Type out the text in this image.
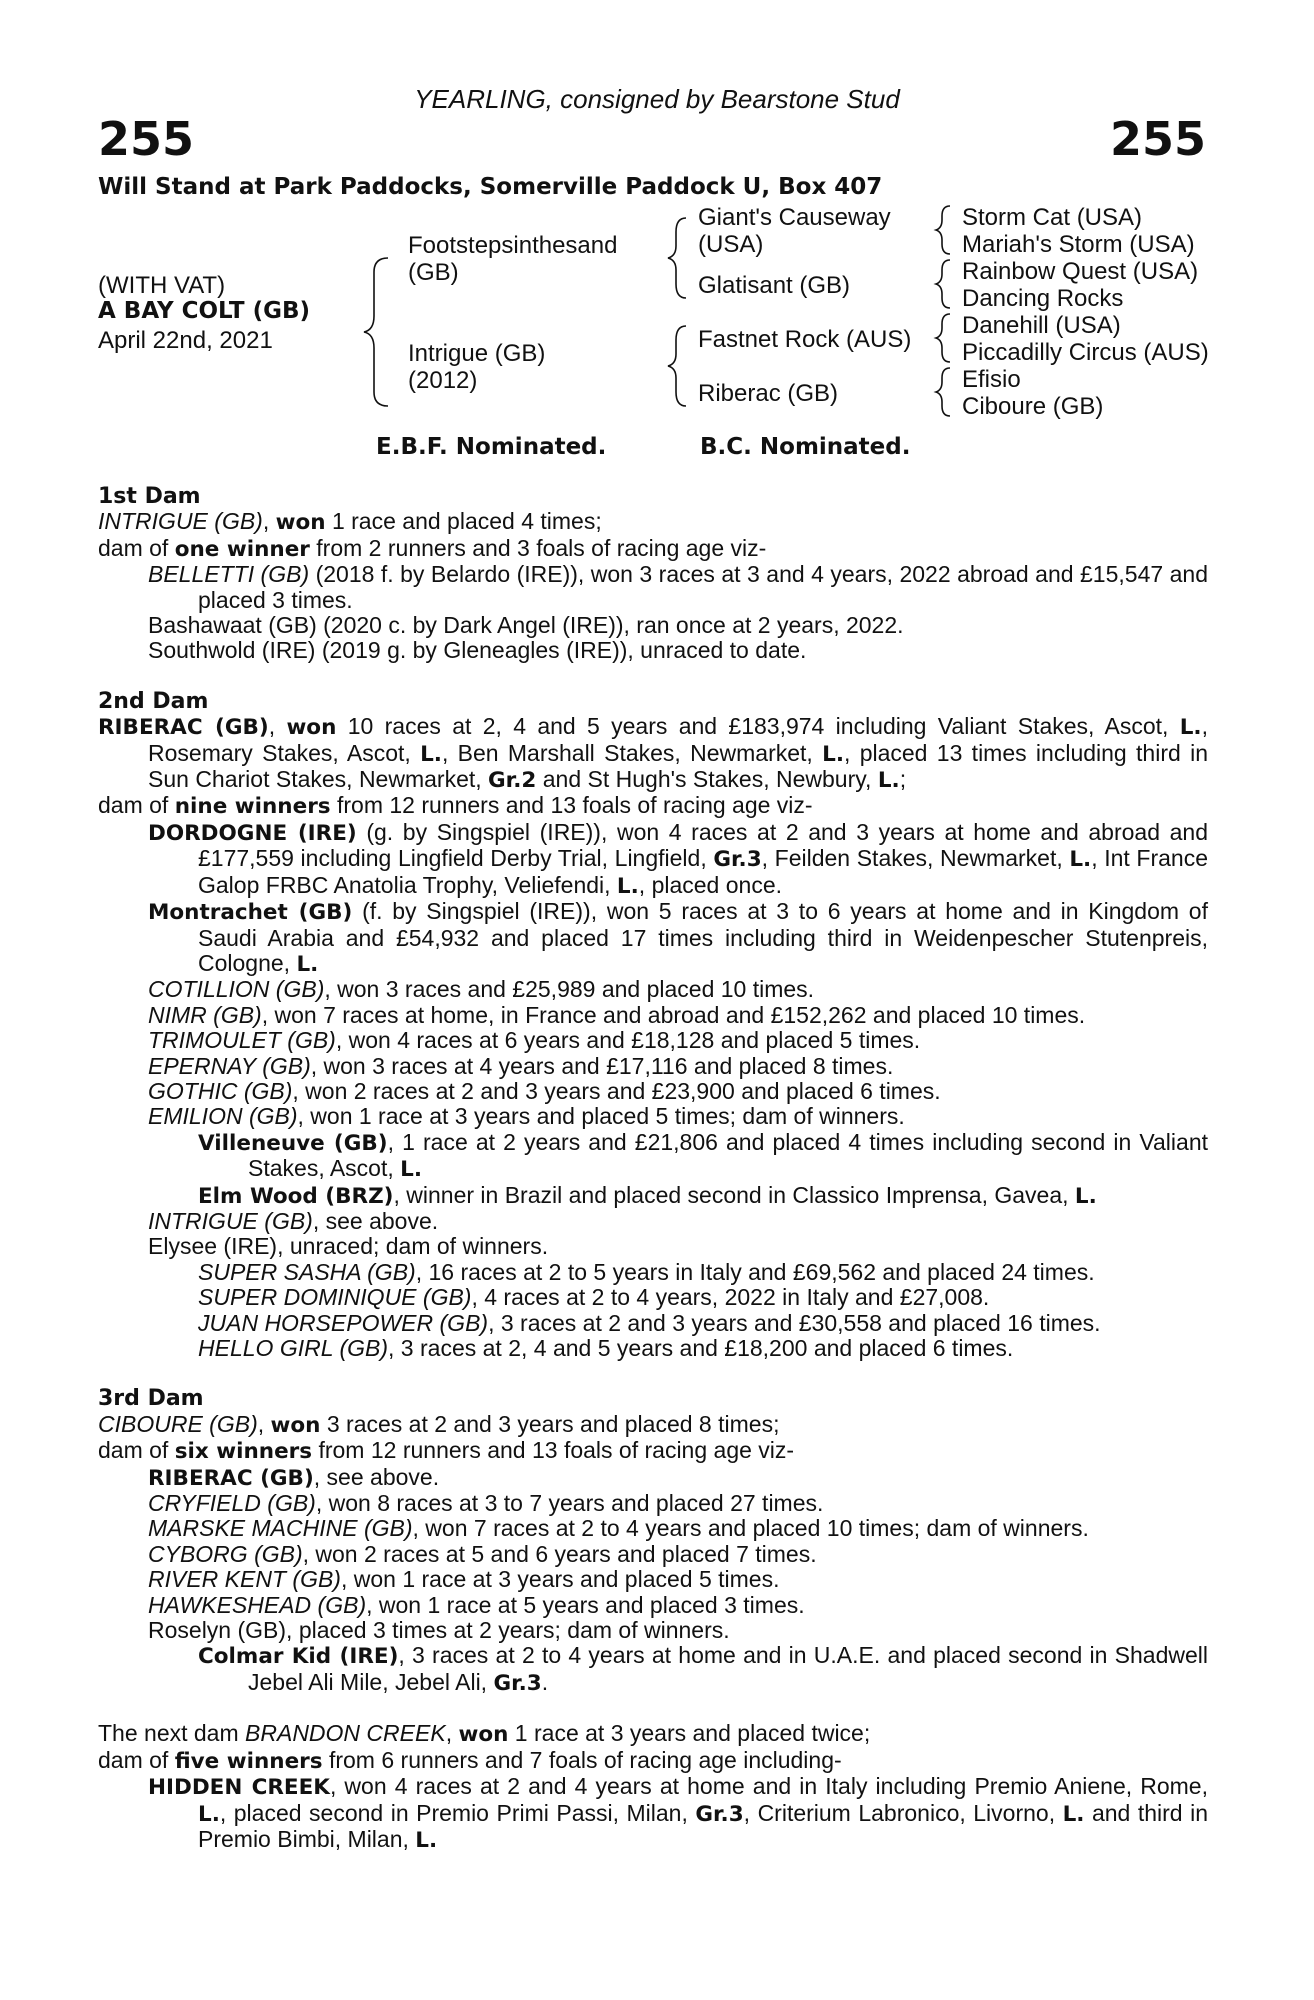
YEARLING, consigned by Bearstone Stud
255	255
Will Stand at Park Paddocks, Somerville Paddock U, Box 407
(WITH VAT)
A BAY COLT (GB)
April 22nd, 2021
Footstepsinthesand
(GB)
Intrigue (GB)
(2012)
Giant's Causeway
(USA)
Glatisant (GB)
Fastnet Rock (AUS)
Riberac (GB)
Storm Cat (USA)
Mariah's Storm (USA)
Rainbow Quest (USA)
Dancing Rocks
Danehill (USA)
Piccadilly Circus (AUS)
Efisio
Ciboure (GB)
E.B.F. Nominated.	B.C. Nominated.
1st Dam
INTRIGUE (GB), won 1 race and placed 4 times;
dam of one winner from 2 runners and 3 foals of racing age viz-
BELLETTI (GB) (2018 f. by Belardo (IRE)), won 3 races at 3 and 4 years, 2022 abroad and £15,547 and placed 3 times.
Bashawaat (GB) (2020 c. by Dark Angel (IRE)), ran once at 2 years, 2022.
Southwold (IRE) (2019 g. by Gleneagles (IRE)), unraced to date.
2nd Dam
RIBERAC (GB), won 10 races at 2, 4 and 5 years and £183,974 including Valiant Stakes, Ascot, L., Rosemary Stakes, Ascot, L., Ben Marshall Stakes, Newmarket, L., placed 13 times including third in Sun Chariot Stakes, Newmarket, Gr.2 and St Hugh's Stakes, Newbury, L.;
dam of nine winners from 12 runners and 13 foals of racing age viz-
DORDOGNE (IRE) (g. by Singspiel (IRE)), won 4 races at 2 and 3 years at home and abroad and £177,559 including Lingfield Derby Trial, Lingfield, Gr.3, Feilden Stakes, Newmarket, L., Int France Galop FRBC Anatolia Trophy, Veliefendi, L., placed once.
Montrachet (GB) (f. by Singspiel (IRE)), won 5 races at 3 to 6 years at home and in Kingdom of Saudi Arabia and £54,932 and placed 17 times including third in Weidenpescher Stutenpreis, Cologne, L.
COTILLION (GB), won 3 races and £25,989 and placed 10 times.
NIMR (GB), won 7 races at home, in France and abroad and £152,262 and placed 10 times.
TRIMOULET (GB), won 4 races at 6 years and £18,128 and placed 5 times.
EPERNAY (GB), won 3 races at 4 years and £17,116 and placed 8 times.
GOTHIC (GB), won 2 races at 2 and 3 years and £23,900 and placed 6 times.
EMILION (GB), won 1 race at 3 years and placed 5 times; dam of winners.
Villeneuve (GB), 1 race at 2 years and £21,806 and placed 4 times including second in Valiant Stakes, Ascot, L.
Elm Wood (BRZ), winner in Brazil and placed second in Classico Imprensa, Gavea, L.
INTRIGUE (GB), see above.
Elysee (IRE), unraced; dam of winners.
SUPER SASHA (GB), 16 races at 2 to 5 years in Italy and £69,562 and placed 24 times.
SUPER DOMINIQUE (GB), 4 races at 2 to 4 years, 2022 in Italy and £27,008.
JUAN HORSEPOWER (GB), 3 races at 2 and 3 years and £30,558 and placed 16 times.
HELLO GIRL (GB), 3 races at 2, 4 and 5 years and £18,200 and placed 6 times.
3rd Dam
CIBOURE (GB), won 3 races at 2 and 3 years and placed 8 times;
dam of six winners from 12 runners and 13 foals of racing age viz-
RIBERAC (GB), see above.
CRYFIELD (GB), won 8 races at 3 to 7 years and placed 27 times.
MARSKE MACHINE (GB), won 7 races at 2 to 4 years and placed 10 times; dam of winners.
CYBORG (GB), won 2 races at 5 and 6 years and placed 7 times.
RIVER KENT (GB), won 1 race at 3 years and placed 5 times.
HAWKESHEAD (GB), won 1 race at 5 years and placed 3 times.
Roselyn (GB), placed 3 times at 2 years; dam of winners.
Colmar Kid (IRE), 3 races at 2 to 4 years at home and in U.A.E. and placed second in Shadwell Jebel Ali Mile, Jebel Ali, Gr.3.
The next dam BRANDON CREEK, won 1 race at 3 years and placed twice;
dam of five winners from 6 runners and 7 foals of racing age including-
HIDDEN CREEK, won 4 races at 2 and 4 years at home and in Italy including Premio Aniene, Rome, L., placed second in Premio Primi Passi, Milan, Gr.3, Criterium Labronico, Livorno, L. and third in Premio Bimbi, Milan, L.
